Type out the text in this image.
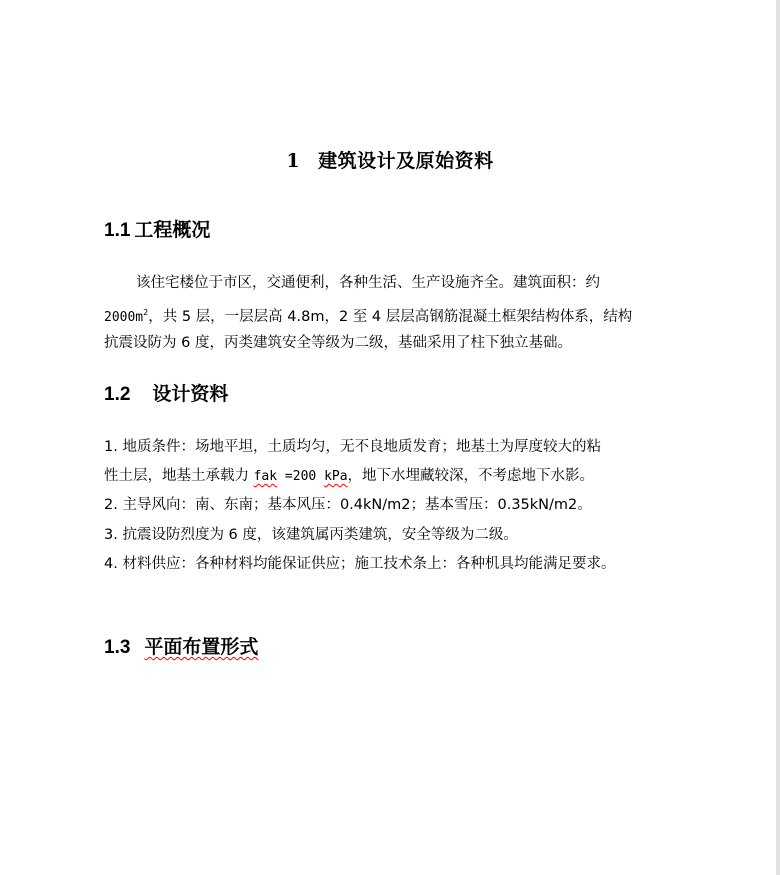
1 建筑设计及原始资料
1.1 工程概况
该住宅楼位于市区，交通便利，各种生活、生产设施齐全。建筑面积：约
$2000m^2$，共 5 层，一层层高 4.8m，2 至 4 层层高钢筋混凝土框架结构体系，结构
抗震设防为 6 度，丙类建筑安全等级为二级，基础采用了柱下独立基础。
1.2 设计资料
1. 地质条件：场地平坦，土质均匀，无不良地质发育；地基土为厚度较大的粘
性土层，地基土承载力 fak =200 kPa，地下水埋藏较深，不考虑地下水影。
2. 主导风向：南、东南；基本风压：0.4kN/m2；基本雪压：0.35kN/m2。
3. 抗震设防烈度为 6 度，该建筑属丙类建筑，安全等级为二级。
4. 材料供应：各种材料均能保证供应；施工技术条上：各种机具均能满足要求。
1.3 平面布置形式
